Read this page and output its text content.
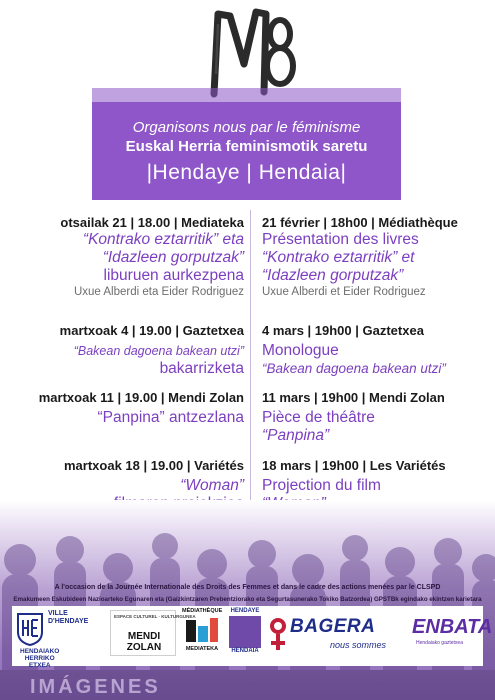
Organisons nous par le féminisme
Euskal Herria feminismotik saretu
|Hendaye | Hendaia|
otsailak 21 | 18.00 | Mediateka
“Kontrako eztarritik” eta
“Idazleen gorputzak”
liburuen aurkezpena
Uxue Alberdi eta Eider Rodriguez
martxoak 4 | 19.00 | Gaztetxea
“Bakean dagoena bakean utzi”
bakarrizketa
martxoak 11 | 19.00 | Mendi Zolan
“Panpina” antzezlana
martxoak 18 | 19.00 | Variétés
“Woman”
21 février | 18h00 | Médiathèque
Présentation des livres
“Kontrako eztarritik” et
“Idazleen gorputzak”
Uxue Alberdi et Eider Rodriguez
4 mars | 19h00 | Gaztetxea
Monologue
“Bakean dagoena bakean utzi”
11 mars | 19h00 | Mendi Zolan
Pièce de théâtre
“Panpina”
18 mars | 19h00 | Les Variétés
Projection du film
A l'occasion de la Journée Internationale des Droits des Femmes et dans le cadre des actions menées par le CLSPD
Emakumeen Eskubideen Nazioarteko Egunaren eta (Gaizkintzaren Prebentziorako eta Segurtasunerako Tokiko Batzordea) GPSTBk egindako ekintzen karietara
VILLE
D'HENDAYE
HENDAIAKO
HERRIKO
ETXEA
ESPACE CULTUREL · KULTURGUNEA
MENDI ZOLAN
MÉDIATHÈQUE
MEDIATEKA
HENDAYE
HENDAIA
BAGERA
nous sommes
ENBATA
Hendaiako gaztetxea
IMÁGENES
